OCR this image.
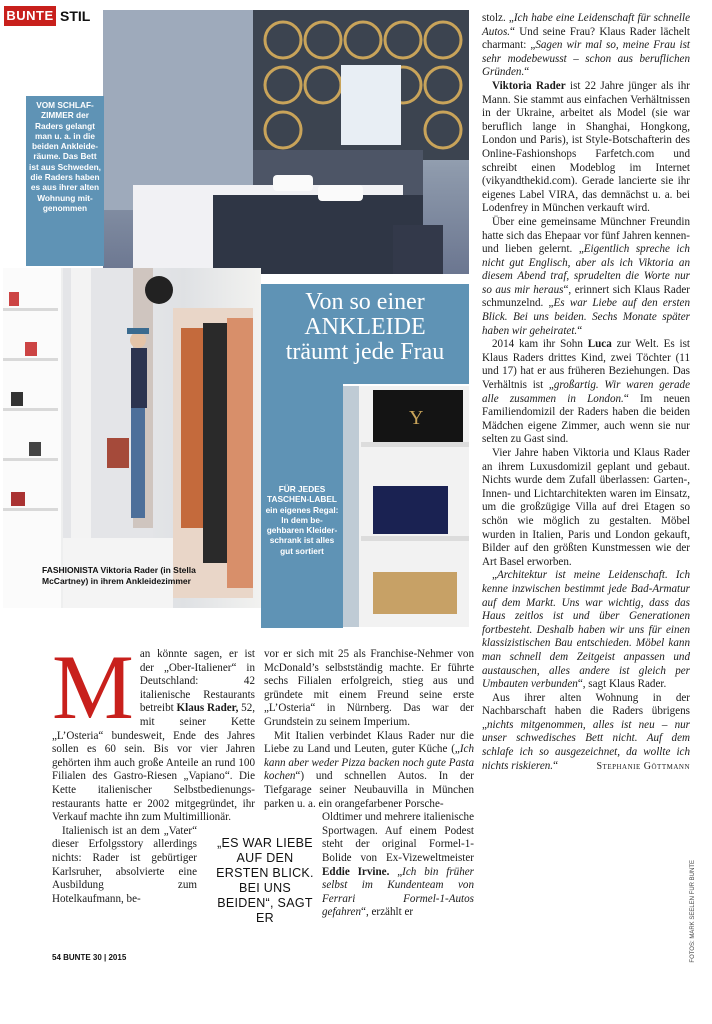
BUNTE STIL
Y
VOM SCHLAF-ZIMMER der Raders gelangt man u. a. in die beiden Ankleide-räume. Das Bett ist aus Schweden, die Raders haben es aus ihrer alten Wohnung mit-genommen
Von so einer
ANKLEIDE
träumt jede Frau
FÜR JEDES TASCHEN-LABEL ein eigenes Regal: In dem be-gehbaren Kleider-schrank ist alles gut sortiert
FASHIONISTA Viktoria Rader (in Stella McCartney) in ihrem Ankleidezimmer
M an könnte sagen, er ist der „Ober-Italiener“ in Deutschland: 42 italienische Restaurants betreibt Klaus Rader, 52, mit seiner Kette „L’Osteria“ bundesweit, Ende des Jahres sollen es 60 sein. Bis vor vier Jahren gehörten ihm auch große Anteile an rund 100 Filialen des Gastro-Riesen „Vapiano“. Die Kette italienischer Selbstbedienungs-restaurants hatte er 2002 mitgegründet, ihr Verkauf machte ihn zum Multimillionär.

Italienisch ist an dem „Vater“ dieser Erfolgsstory allerdings nichts: Rader ist gebürtiger Karlsruher, absolvierte eine Ausbildung zum Hotelkaufmann, be-

„ES WAR LIEBE AUF DEN ERSTEN BLICK. BEI UNS BEIDEN“, SAGT ER

vor er sich mit 25 als Franchise-Nehmer von McDonald’s selbstständig machte. Er führte sechs Filialen erfolgreich, stieg aus und gründete mit einem Freund seine erste „L’Osteria“ in Nürnberg. Das war der Grundstein zu seinem Imperium.

Mit Italien verbindet Klaus Rader nur die Liebe zu Land und Leuten, guter Küche („Ich kann aber weder Pizza backen noch gute Pasta kochen“) und schnellen Autos. In der Tiefgarage seiner Neubauvilla in München parken u. a. ein orangefarbener Porsche-

Oldtimer und mehrere italienische Sportwagen. Auf einem Podest steht der original Formel-1-Bolide von Ex-Vizeweltmeister Eddie Irvine. „Ich bin früher selbst im Kundenteam von Ferrari Formel-1-Autos gefahren“, erzählt er

stolz. „Ich habe eine Leidenschaft für schnelle Autos.“ Und seine Frau? Klaus Rader lächelt charmant: „Sagen wir mal so, meine Frau ist sehr modebewusst – schon aus beruflichen Gründen.“

Viktoria Rader ist 22 Jahre jünger als ihr Mann. Sie stammt aus einfachen Verhältnissen in der Ukraine, arbeitet als Model (sie war beruflich lange in Shanghai, Hongkong, London und Paris), ist Style-Botschafterin des Online-Fashionshops Farfetch.com und schreibt einen Modeblog im Internet (vikyandthekid.com). Gerade lancierte sie ihr eigenes Label VIRA, das demnächst u. a. bei Lodenfrey in München verkauft wird.

Über eine gemeinsame Münchner Freundin hatte sich das Ehepaar vor fünf Jahren kennen- und lieben gelernt. „Eigentlich spreche ich nicht gut Englisch, aber als ich Viktoria an diesem Abend traf, sprudelten die Worte nur so aus mir heraus“, erinnert sich Klaus Rader schmunzelnd. „Es war Liebe auf den ersten Blick. Bei uns beiden. Sechs Monate später haben wir geheiratet.“

2014 kam ihr Sohn Luca zur Welt. Es ist Klaus Raders drittes Kind, zwei Töchter (11 und 17) hat er aus früheren Beziehungen. Das Verhältnis ist „großartig. Wir waren gerade alle zusammen in London.“ Im neuen Familiendomizil der Raders haben die beiden Mädchen eigene Zimmer, auch wenn sie nur selten zu Gast sind.

Vier Jahre haben Viktoria und Klaus Rader an ihrem Luxusdomizil geplant und gebaut. Nichts wurde dem Zufall überlassen: Garten-, Innen- und Lichtarchitekten waren im Einsatz, um die großzügige Villa auf drei Etagen so schön wie möglich zu gestalten. Möbel wurden in Italien, Paris und London gekauft, Bilder auf den größten Kunstmessen wie der Art Basel erworben.

„Architektur ist meine Leidenschaft. Ich kenne inzwischen bestimmt jede Bad-Armatur auf dem Markt. Uns war wichtig, dass das Haus zeitlos ist und über Generationen fortbesteht. Deshalb haben wir uns für einen klassizistischen Bau entschieden. Möbel kann man schnell dem Zeitgeist anpassen und austauschen, alles andere ist gleich per Umbauten verbunden“, sagt Klaus Rader.

Aus ihrer alten Wohnung in der Nachbarschaft haben die Raders übrigens „nichts mitgenommen, alles ist neu – nur unser schwedisches Bett nicht. Auf dem schlafe ich so ausgezeichnet, da wollte ich nichts riskieren.“	Stephanie Göttmann

FOTOS: MARK SEELEN FÜR BUNTE
54 BUNTE 30 | 2015
